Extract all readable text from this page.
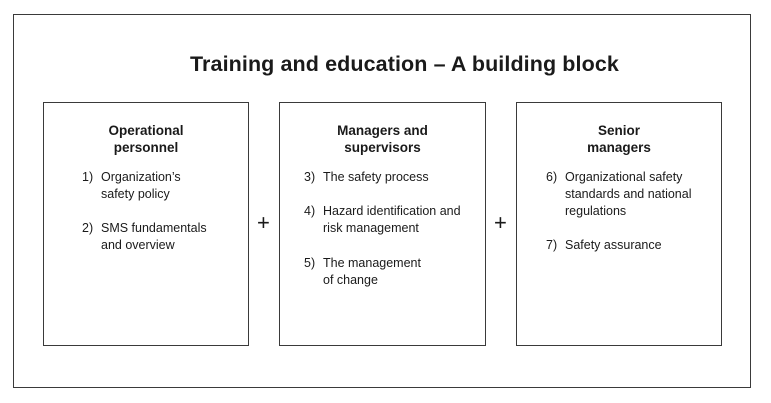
Training and education – A building block
Operational
personnel
1) Organization’s
safety policy
2) SMS fundamentals
and overview
+
Managers and
supervisors
3) The safety process
4) Hazard identification and
risk management
5) The management
of change
+
Senior
managers
6) Organizational safety
standards and national
regulations
7) Safety assurance
